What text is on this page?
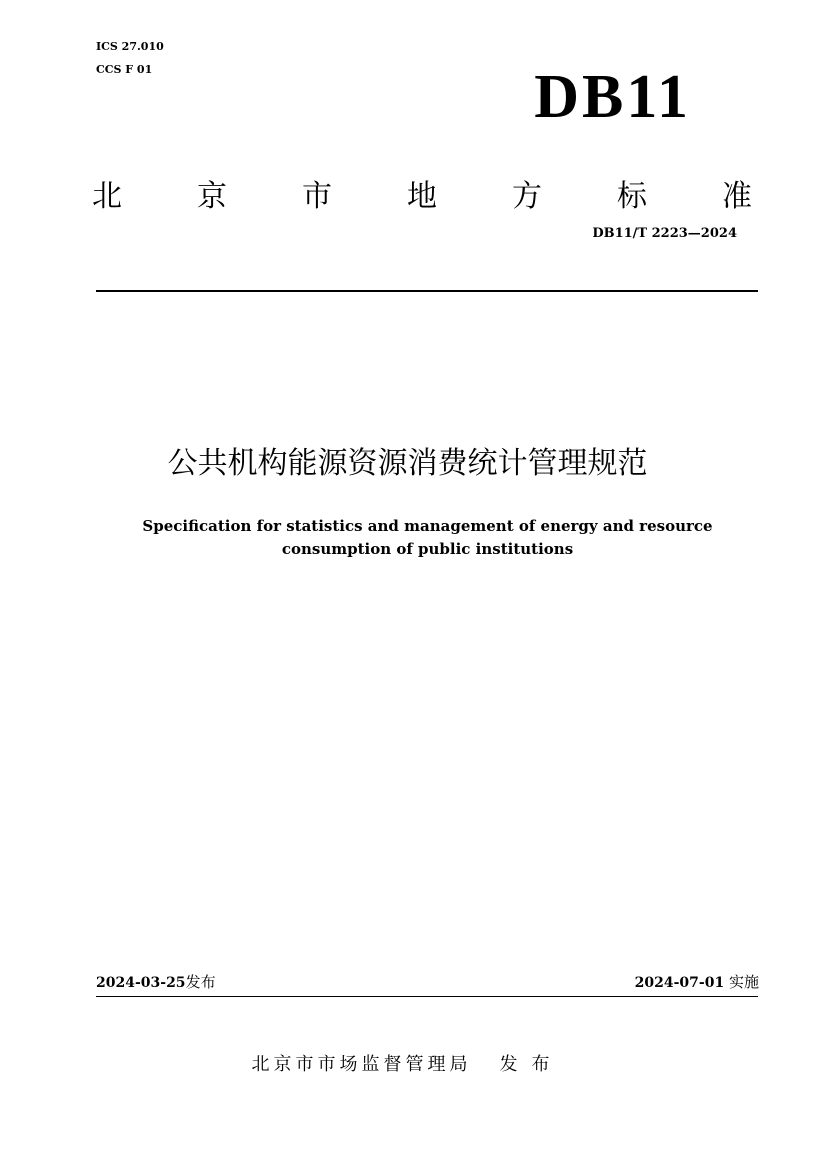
ICS 27.010
CCS F 01	DB11
北	京	市	地	方	标	准
DB11/T 2223—2024
公共机构能源资源消费统计管理规范
Specification for statistics and management of energy and resource
consumption of public institutions
2024-03-25发布	2024-07-01 实施
北京市市场监督管理局 发布
